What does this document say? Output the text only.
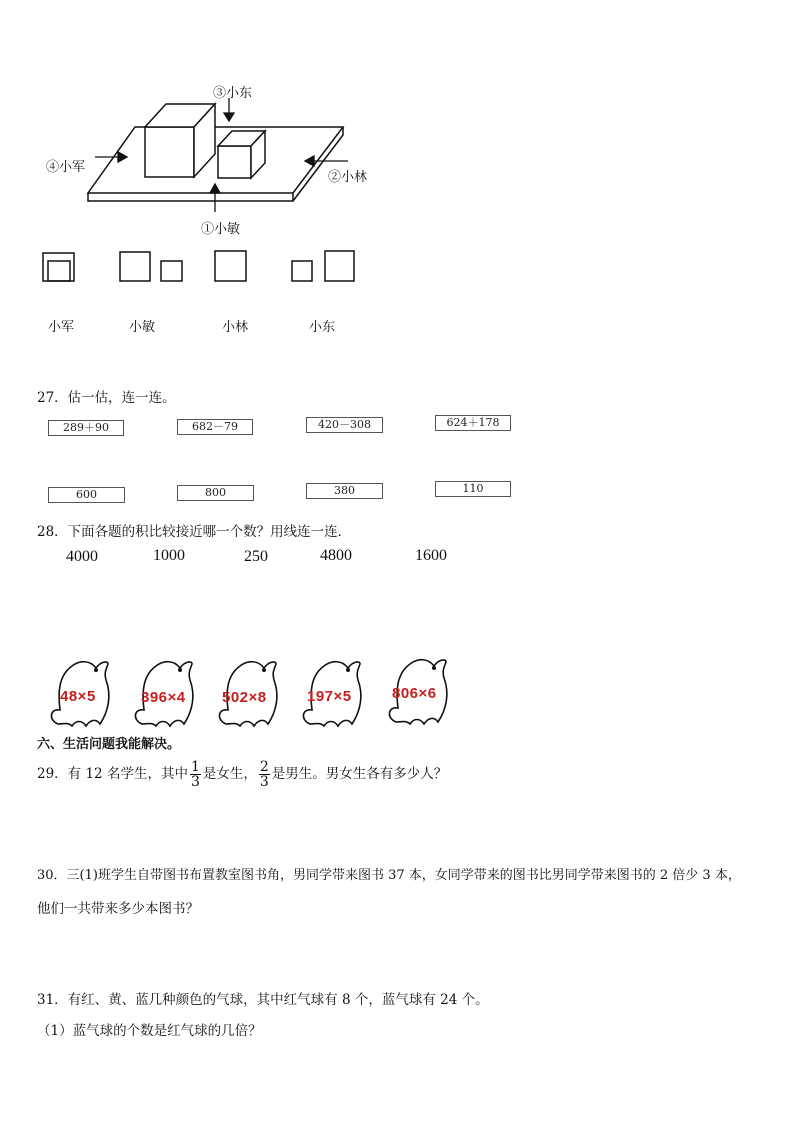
③小东
④小军
②小林
①小敏
小军	小敏	小林	小东
27．估一估，连一连。
289＋90	682－79	420－308	624＋178
600	800	380	110
28．下面各题的积比较接近哪一个数？用线连一连．
4000	1000	250	4800	1600
48×5	396×4 502×8	197×5	806×6
六、生活问题我能解决。
29．有 12 名学生，其中 $\frac{1}{3}$ 是女生， $\frac{2}{3}$ 是男生。男女生各有多少人？
30．三(1)班学生自带图书布置教室图书角，男同学带来图书 37 本，女同学带来的图书比男同学带来图书的 2 倍少 3 本，
他们一共带来多少本图书？
31．有红、黄、蓝几种颜色的气球，其中红气球有 8 个，蓝气球有 24 个。
（1）蓝气球的个数是红气球的几倍？
